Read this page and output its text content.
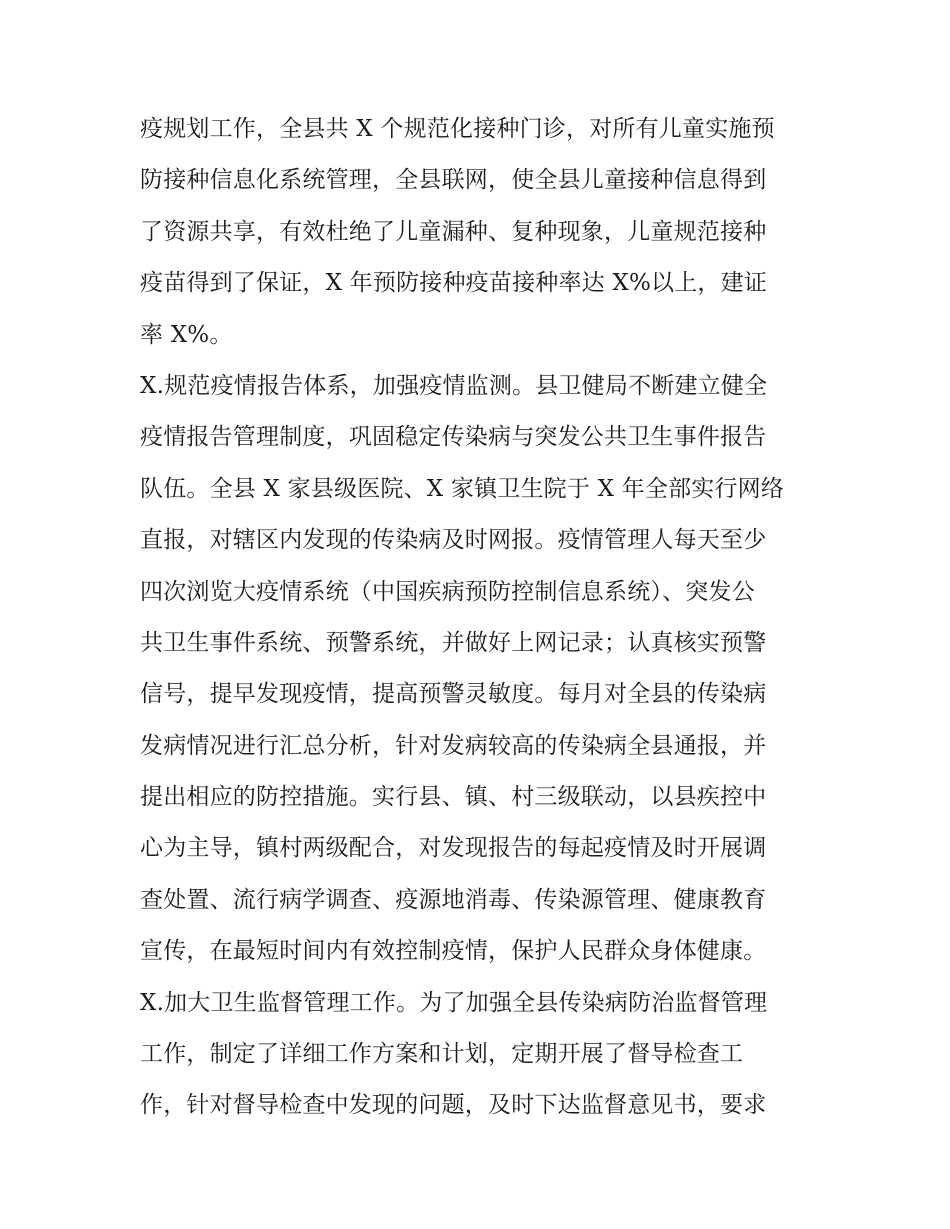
疫规划工作，全县共 X 个规范化接种门诊，对所有儿童实施预
防接种信息化系统管理，全县联网，使全县儿童接种信息得到
了资源共享，有效杜绝了儿童漏种、复种现象，儿童规范接种
疫苗得到了保证，X 年预防接种疫苗接种率达 X%以上，建证
率 X%。
X.规范疫情报告体系，加强疫情监测。县卫健局不断建立健全
疫情报告管理制度，巩固稳定传染病与突发公共卫生事件报告
队伍。全县 X 家县级医院、X 家镇卫生院于 X 年全部实行网络
直报，对辖区内发现的传染病及时网报。疫情管理人每天至少
四次浏览大疫情系统（中国疾病预防控制信息系统）、突发公
共卫生事件系统、预警系统，并做好上网记录；认真核实预警
信号，提早发现疫情，提高预警灵敏度。每月对全县的传染病
发病情况进行汇总分析，针对发病较高的传染病全县通报，并
提出相应的防控措施。实行县、镇、村三级联动，以县疾控中
心为主导，镇村两级配合，对发现报告的每起疫情及时开展调
查处置、流行病学调查、疫源地消毒、传染源管理、健康教育
宣传，在最短时间内有效控制疫情，保护人民群众身体健康。
X.加大卫生监督管理工作。为了加强全县传染病防治监督管理
工作，制定了详细工作方案和计划，定期开展了督导检查工
作，针对督导检查中发现的问题，及时下达监督意见书，要求
